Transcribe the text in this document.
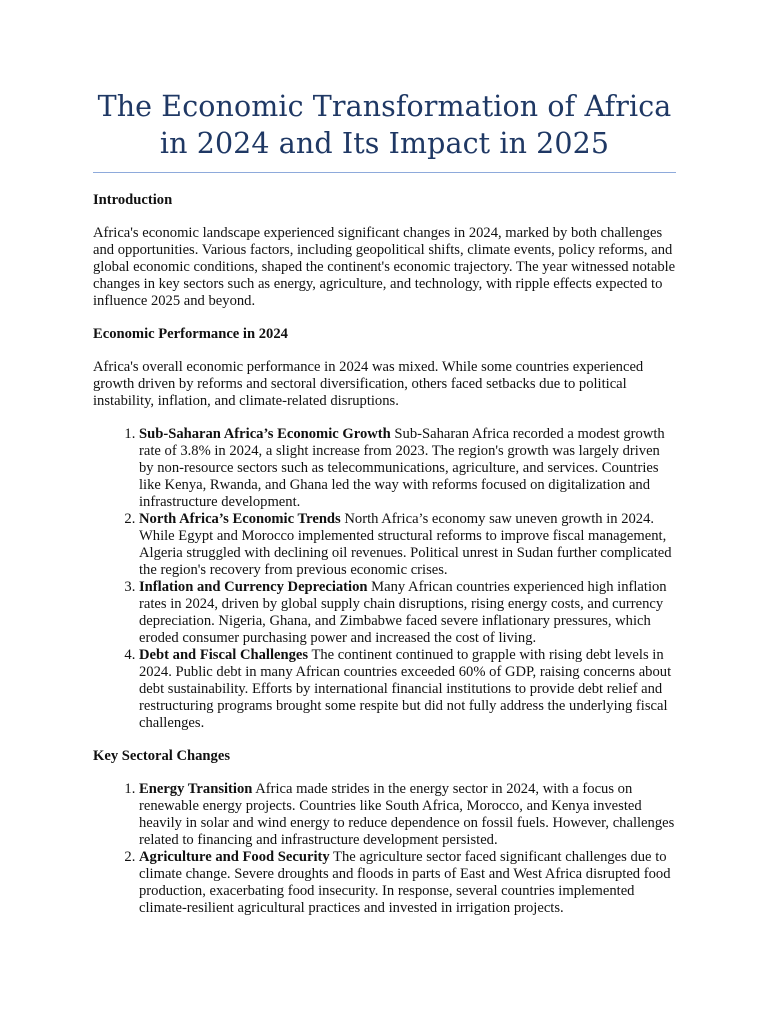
The Economic Transformation of Africa
in 2024 and Its Impact in 2025
Introduction

Africa's economic landscape experienced significant changes in 2024, marked by both challenges and opportunities. Various factors, including geopolitical shifts, climate events, policy reforms, and global economic conditions, shaped the continent's economic trajectory. The year witnessed notable changes in key sectors such as energy, agriculture, and technology, with ripple effects expected to influence 2025 and beyond.

Economic Performance in 2024

Africa's overall economic performance in 2024 was mixed. While some countries experienced growth driven by reforms and sectoral diversification, others faced setbacks due to political instability, inflation, and climate-related disruptions.

1. Sub-Saharan Africa’s Economic Growth Sub-Saharan Africa recorded a modest growth rate of 3.8% in 2024, a slight increase from 2023. The region's growth was largely driven by non-resource sectors such as telecommunications, agriculture, and services. Countries like Kenya, Rwanda, and Ghana led the way with reforms focused on digitalization and infrastructure development.
2. North Africa’s Economic Trends North Africa’s economy saw uneven growth in 2024. While Egypt and Morocco implemented structural reforms to improve fiscal management, Algeria struggled with declining oil revenues. Political unrest in Sudan further complicated the region's recovery from previous economic crises.
3. Inflation and Currency Depreciation Many African countries experienced high inflation rates in 2024, driven by global supply chain disruptions, rising energy costs, and currency depreciation. Nigeria, Ghana, and Zimbabwe faced severe inflationary pressures, which eroded consumer purchasing power and increased the cost of living.
4. Debt and Fiscal Challenges The continent continued to grapple with rising debt levels in 2024. Public debt in many African countries exceeded 60% of GDP, raising concerns about debt sustainability. Efforts by international financial institutions to provide debt relief and restructuring programs brought some respite but did not fully address the underlying fiscal challenges.
Key Sectoral Changes
1. Energy Transition Africa made strides in the energy sector in 2024, with a focus on renewable energy projects. Countries like South Africa, Morocco, and Kenya invested heavily in solar and wind energy to reduce dependence on fossil fuels. However, challenges related to financing and infrastructure development persisted.
2. Agriculture and Food Security The agriculture sector faced significant challenges due to climate change. Severe droughts and floods in parts of East and West Africa disrupted food production, exacerbating food insecurity. In response, several countries implemented climate-resilient agricultural practices and invested in irrigation projects.
